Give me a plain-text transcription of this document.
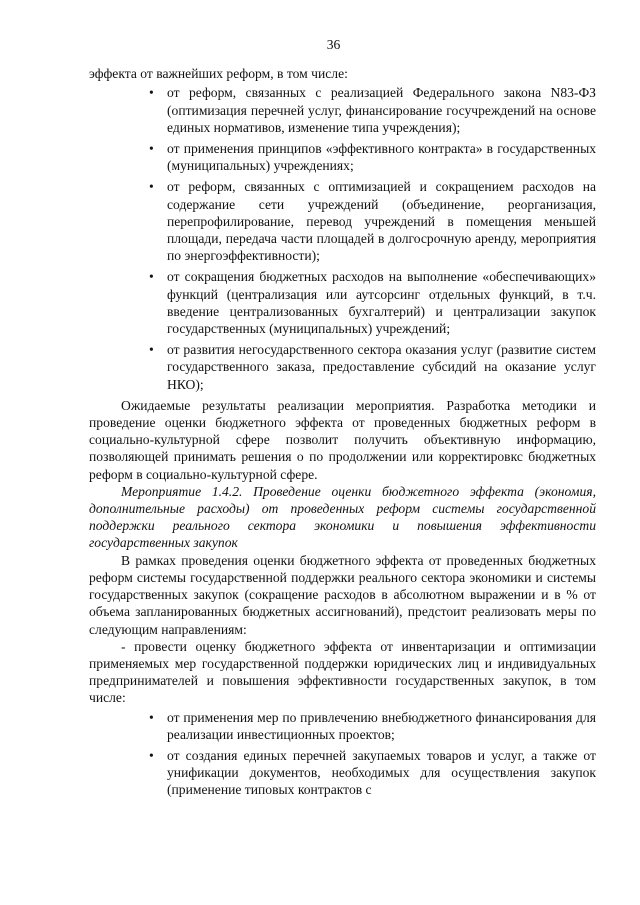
36

эффекта от важнейших реформ, в том числе:

• от реформ, связанных с реализацией Федерального закона N83-ФЗ (оптимизация перечней услуг, финансирование госучреждений на основе единых нормативов, изменение типа учреждения);
• от применения принципов «эффективного контракта» в государственных (муниципальных) учреждениях;
• от реформ, связанных с оптимизацией и сокращением расходов на содержание сети учреждений (объединение, реорганизация, перепрофилирование, перевод учреждений в помещения меньшей площади, передача части площадей в долгосрочную аренду, мероприятия по энергоэффективности);
• от сокращения бюджетных расходов на выполнение «обеспечивающих» функций (централизация или аутсорсинг отдельных функций, в т.ч. введение централизованных бухгалтерий) и централизации закупок государственных (муниципальных) учреждений;
• от развития негосударственного сектора оказания услуг (развитие систем государственного заказа, предоставление субсидий на оказание услуг НКО);

Ожидаемые результаты реализации мероприятия. Разработка методики и проведение оценки бюджетного эффекта от проведенных бюджетных реформ в социально-культурной сфере позволит получить объективную информацию, позволяющей принимать решения о по продолжении или корректировкс бюджетных реформ в социально-культурной сфере.

Мероприятие 1.4.2. Проведение оценки бюджетного эффекта (экономия, дополнительные расходы) от проведенных реформ системы государственной поддержки реального сектора экономики и повышения эффективности государственных закупок

В рамках проведения оценки бюджетного эффекта от проведенных бюджетных реформ системы государственной поддержки реального сектора экономики и системы государственных закупок (сокращение расходов в абсолютном выражении и в % от объема запланированных бюджетных ассигнований), предстоит реализовать меры по следующим направлениям:

- провести оценку бюджетного эффекта от инвентаризации и оптимизации применяемых мер государственной поддержки юридических лиц и индивидуальных предпринимателей и повышения эффективности государственных закупок, в том числе:

• от применения мер по привлечению внебюджетного финансирования для реализации инвестиционных проектов;
• от создания единых перечней закупаемых товаров и услуг, а также от унификации документов, необходимых для осуществления закупок (применение типовых контрактов с
